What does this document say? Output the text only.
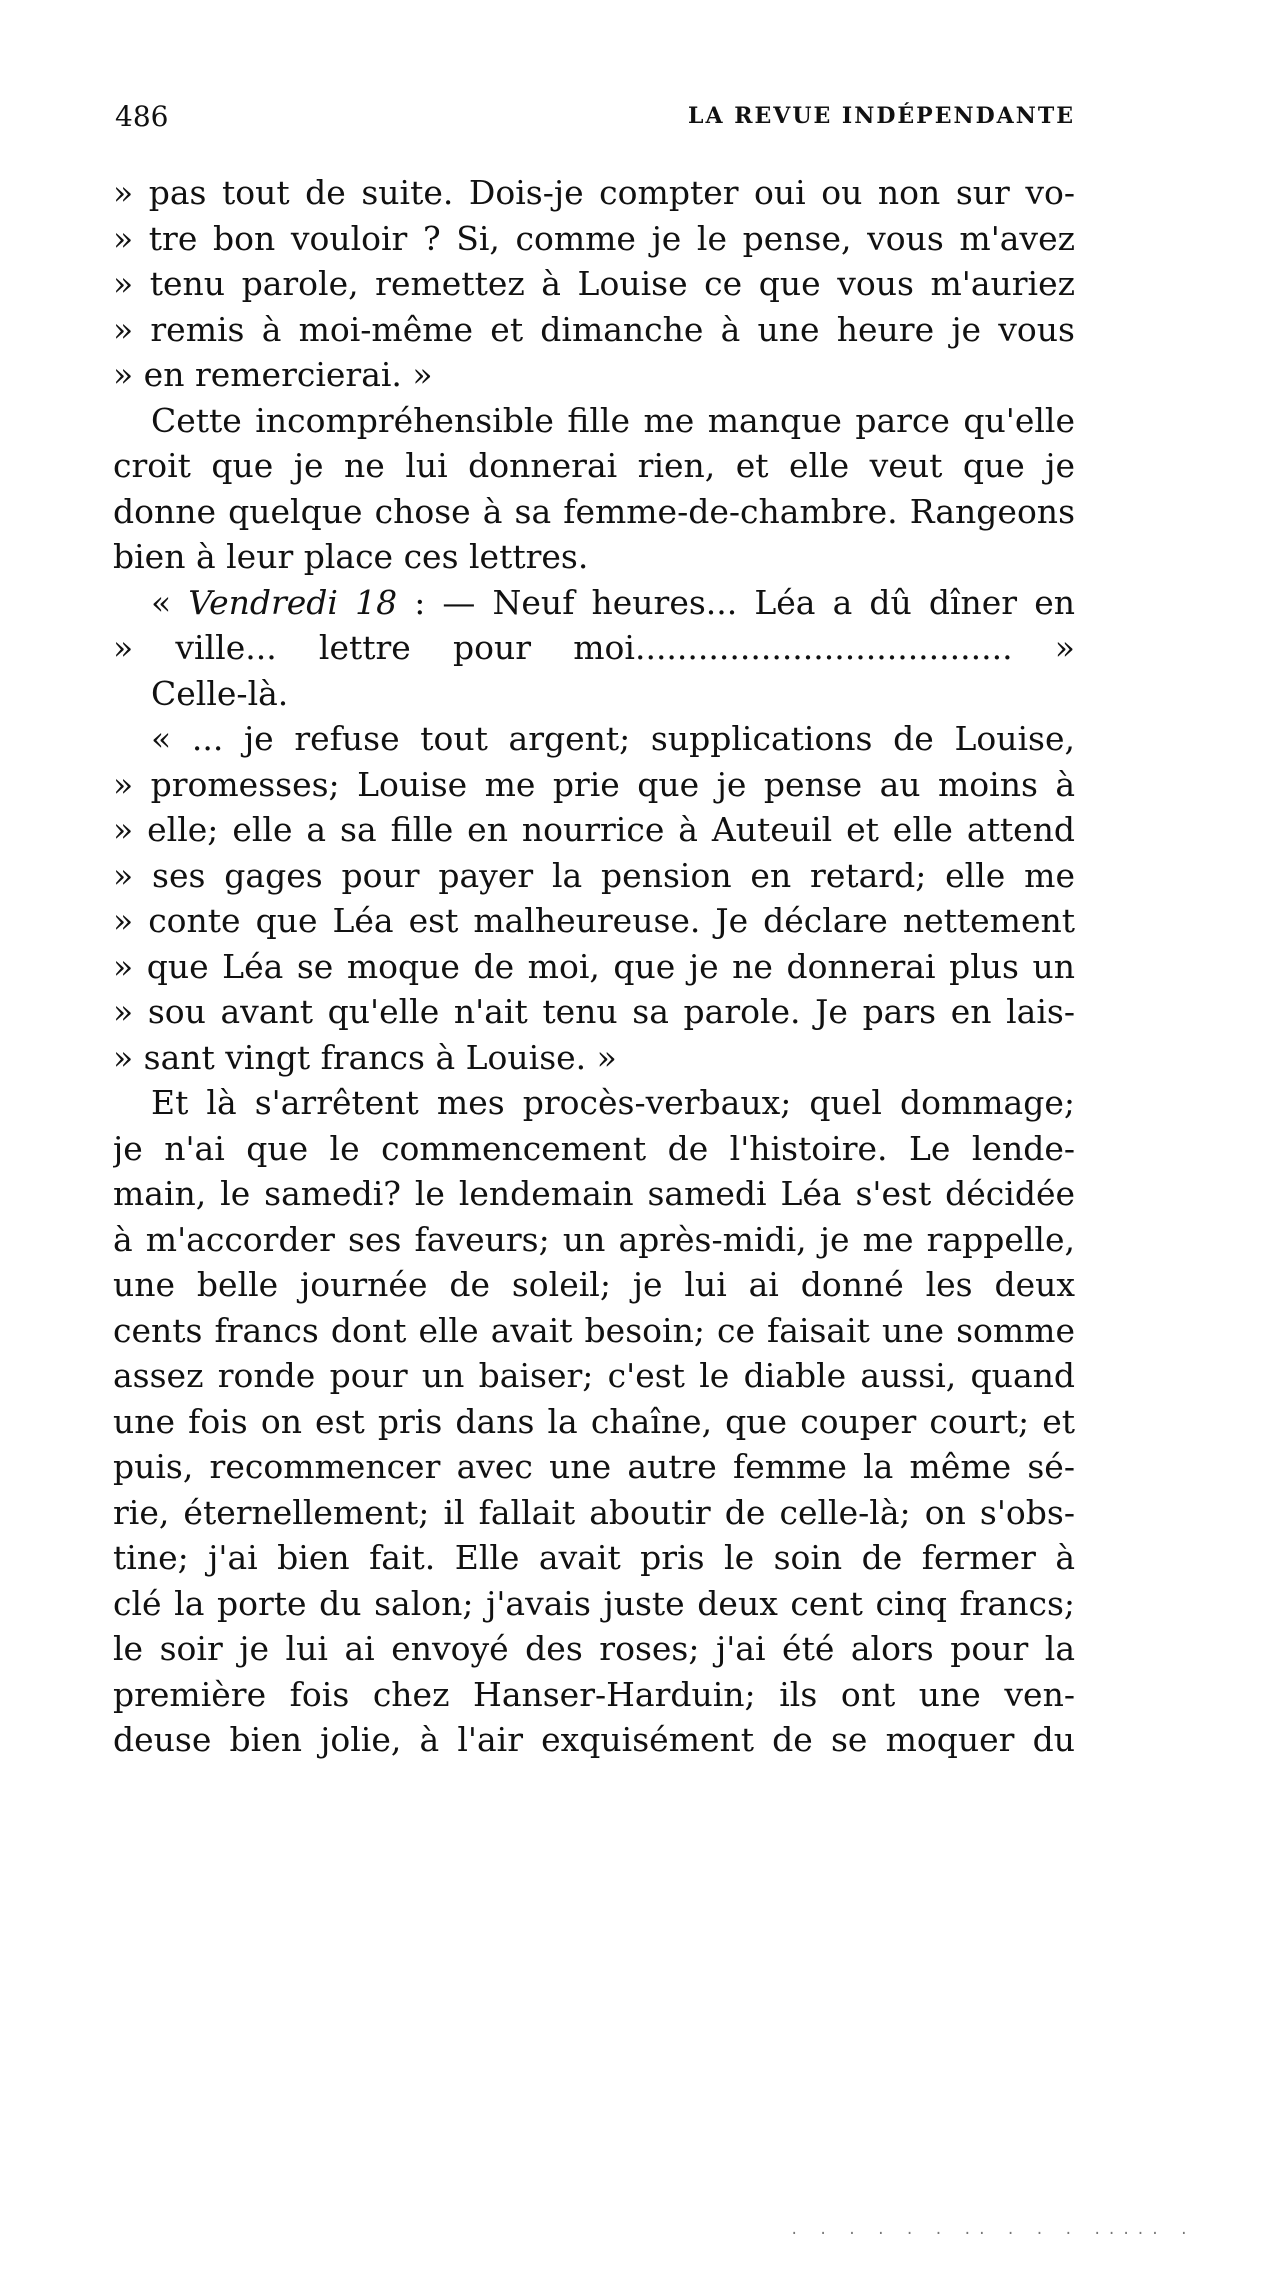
486	LA REVUE INDÉPENDANTE
» pas tout de suite. Dois-je compter oui ou non sur vo-
» tre bon vouloir ? Si, comme je le pense, vous m'avez
» tenu parole, remettez à Louise ce que vous m'auriez
» remis à moi-même et dimanche à une heure je vous
» en remercierai. »
Cette incompréhensible fille me manque parce qu'elle
croit que je ne lui donnerai rien, et elle veut que je
donne quelque chose à sa femme-de-chambre. Rangeons
bien à leur place ces lettres.
« Vendredi 18 : — Neuf heures... Léa a dû dîner en
» ville... lettre pour moi.................................... »
Celle-là.
« ... je refuse tout argent; supplications de Louise,
» promesses; Louise me prie que je pense au moins à
» elle; elle a sa fille en nourrice à Auteuil et elle attend
» ses gages pour payer la pension en retard; elle me
» conte que Léa est malheureuse. Je déclare nettement
» que Léa se moque de moi, que je ne donnerai plus un
» sou avant qu'elle n'ait tenu sa parole. Je pars en lais-
» sant vingt francs à Louise. »
Et là s'arrêtent mes procès-verbaux; quel dommage;
je n'ai que le commencement de l'histoire. Le lende-
main, le samedi? le lendemain samedi Léa s'est décidée
à m'accorder ses faveurs; un après-midi, je me rappelle,
une belle journée de soleil; je lui ai donné les deux
cents francs dont elle avait besoin; ce faisait une somme
assez ronde pour un baiser; c'est le diable aussi, quand
une fois on est pris dans la chaîne, que couper court; et
puis, recommencer avec une autre femme la même sé-
rie, éternellement; il fallait aboutir de celle-là; on s'obs-
tine; j'ai bien fait. Elle avait pris le soin de fermer à
clé la porte du salon; j'avais juste deux cent cinq francs;
le soir je lui ai envoyé des roses; j'ai été alors pour la
première fois chez Hanser-Harduin; ils ont une ven-
deuse bien jolie, à l'air exquisément de se moquer du
· · · · · · ·· · · · ····· ·
